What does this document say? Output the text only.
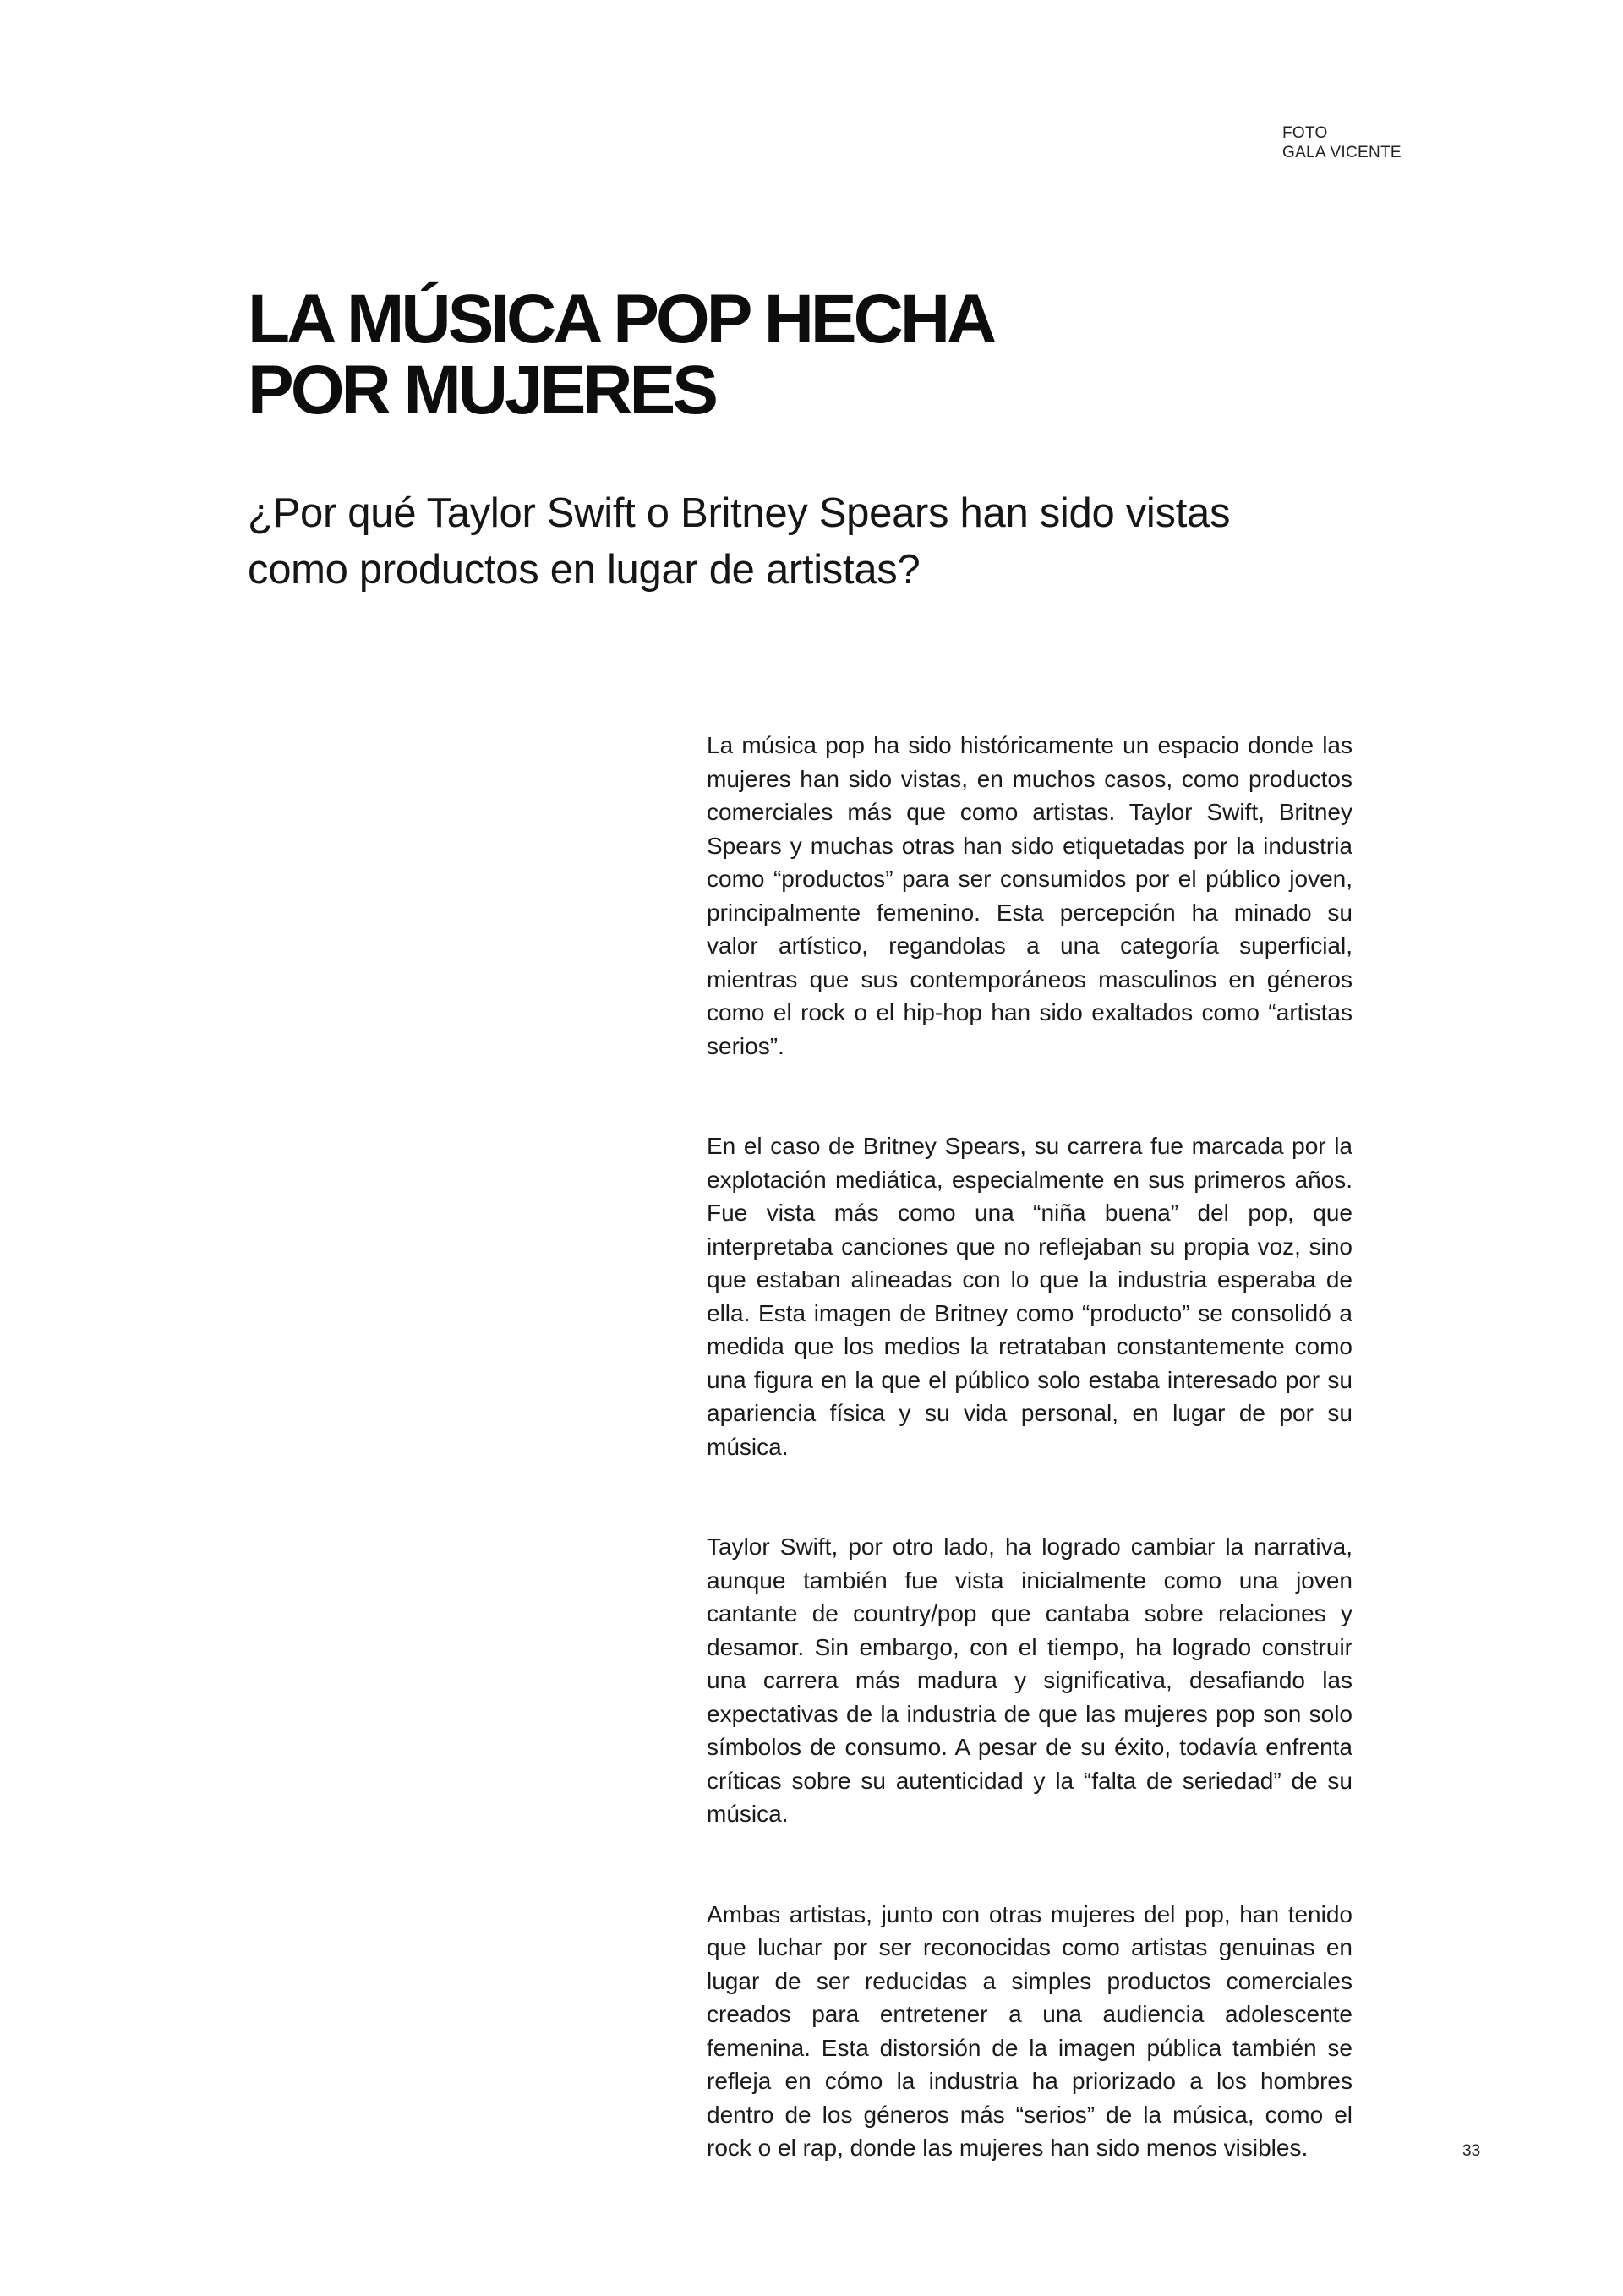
FOTO
GALA VICENTE
LA MÚSICA POP HECHA
POR MUJERES
¿Por qué Taylor Swift o Britney Spears han sido vistas
como productos en lugar de artistas?

La música pop ha sido históricamente un espacio donde las mujeres han sido vistas, en muchos casos, como productos comerciales más que como artistas. Taylor Swift, Britney Spears y muchas otras han sido etiquetadas por la industria como “productos” para ser consumidos por el público joven, principalmente femenino. Esta percepción ha minado su valor artístico, regandolas a una categoría superficial, mientras que sus contemporáneos masculinos en géneros como el rock o el hip-hop han sido exaltados como “artistas serios”.

En el caso de Britney Spears, su carrera fue marcada por la explotación mediática, especialmente en sus primeros años. Fue vista más como una “niña buena” del pop, que interpretaba canciones que no reflejaban su propia voz, sino que estaban alineadas con lo que la industria esperaba de ella. Esta imagen de Britney como “producto” se consolidó a medida que los medios la retrataban constantemente como una figura en la que el público solo estaba interesado por su apariencia física y su vida personal, en lugar de por su música.

Taylor Swift, por otro lado, ha logrado cambiar la narrativa, aunque también fue vista inicialmente como una joven cantante de country/pop que cantaba sobre relaciones y desamor. Sin embargo, con el tiempo, ha logrado construir una carrera más madura y significativa, desafiando las expectativas de la industria de que las mujeres pop son solo símbolos de consumo. A pesar de su éxito, todavía enfrenta críticas sobre su autenticidad y la “falta de seriedad” de su música.

Ambas artistas, junto con otras mujeres del pop, han tenido que luchar por ser reconocidas como artistas genuinas en lugar de ser reducidas a simples productos comerciales creados para entretener a una audiencia adolescente femenina. Esta distorsión de la imagen pública también se refleja en cómo la industria ha priorizado a los hombres dentro de los géneros más “serios” de la música, como el rock o el rap, donde las mujeres han sido menos visibles.	33
